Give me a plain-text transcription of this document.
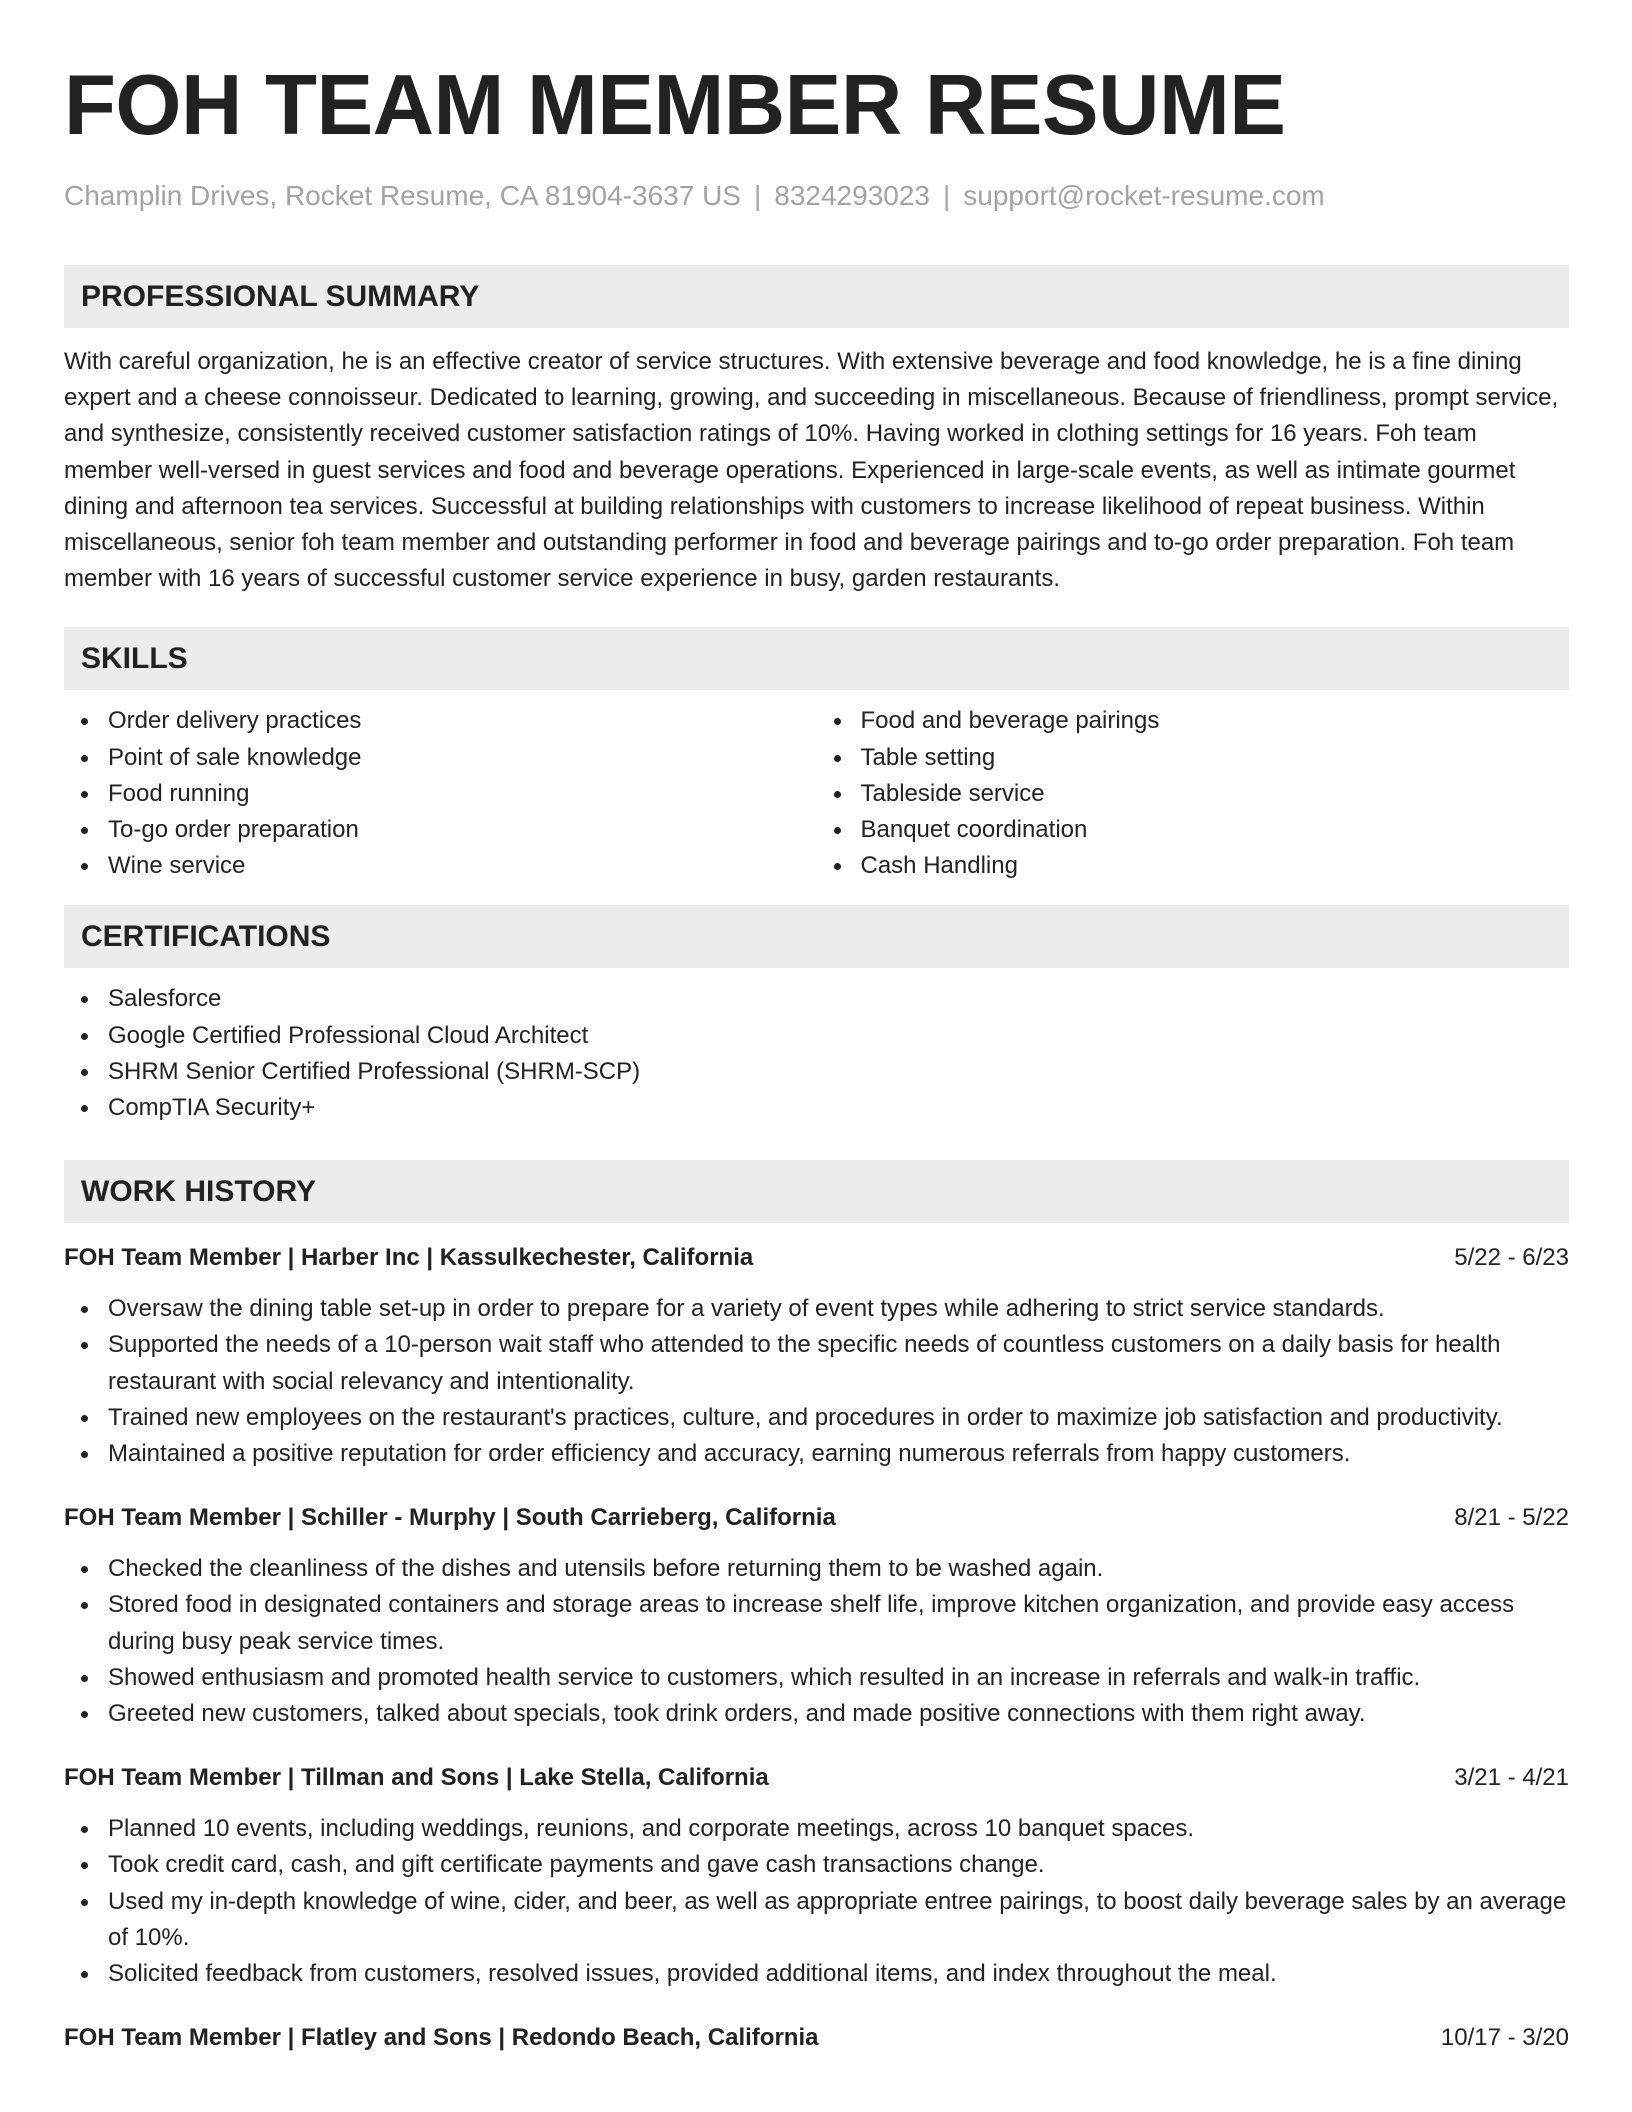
FOH TEAM MEMBER RESUME
Champlin Drives, Rocket Resume, CA 81904-3637 US | 8324293023 | support@rocket-resume.com
PROFESSIONAL SUMMARY

With careful organization, he is an effective creator of service structures. With extensive beverage and food knowledge, he is a fine dining expert and a cheese connoisseur. Dedicated to learning, growing, and succeeding in miscellaneous. Because of friendliness, prompt service, and synthesize, consistently received customer satisfaction ratings of 10%. Having worked in clothing settings for 16 years. Foh team member well-versed in guest services and food and beverage operations. Experienced in large-scale events, as well as intimate gourmet dining and afternoon tea services. Successful at building relationships with customers to increase likelihood of repeat business. Within miscellaneous, senior foh team member and outstanding performer in food and beverage pairings and to-go order preparation. Foh team member with 16 years of successful customer service experience in busy, garden restaurants.

SKILLS
Order delivery practices
Point of sale knowledge
Food running
To-go order preparation
Wine service
Food and beverage pairings
Table setting
Tableside service
Banquet coordination
Cash Handling
CERTIFICATIONS
Salesforce
Google Certified Professional Cloud Architect
SHRM Senior Certified Professional (SHRM-SCP)
CompTIA Security+
WORK HISTORY
FOH Team Member | Harber Inc | Kassulkechester, California	5/22 - 6/23
Oversaw the dining table set-up in order to prepare for a variety of event types while adhering to strict service standards.
Supported the needs of a 10-person wait staff who attended to the specific needs of countless customers on a daily basis for health restaurant with social relevancy and intentionality.
Trained new employees on the restaurant's practices, culture, and procedures in order to maximize job satisfaction and productivity.
Maintained a positive reputation for order efficiency and accuracy, earning numerous referrals from happy customers.
FOH Team Member | Schiller - Murphy | South Carrieberg, California	8/21 - 5/22
Checked the cleanliness of the dishes and utensils before returning them to be washed again.
Stored food in designated containers and storage areas to increase shelf life, improve kitchen organization, and provide easy access during busy peak service times.
Showed enthusiasm and promoted health service to customers, which resulted in an increase in referrals and walk-in traffic.
Greeted new customers, talked about specials, took drink orders, and made positive connections with them right away.
FOH Team Member | Tillman and Sons | Lake Stella, California	3/21 - 4/21
Planned 10 events, including weddings, reunions, and corporate meetings, across 10 banquet spaces.
Took credit card, cash, and gift certificate payments and gave cash transactions change.
Used my in-depth knowledge of wine, cider, and beer, as well as appropriate entree pairings, to boost daily beverage sales by an average of 10%.
Solicited feedback from customers, resolved issues, provided additional items, and index throughout the meal.
FOH Team Member | Flatley and Sons | Redondo Beach, California	10/17 - 3/20
